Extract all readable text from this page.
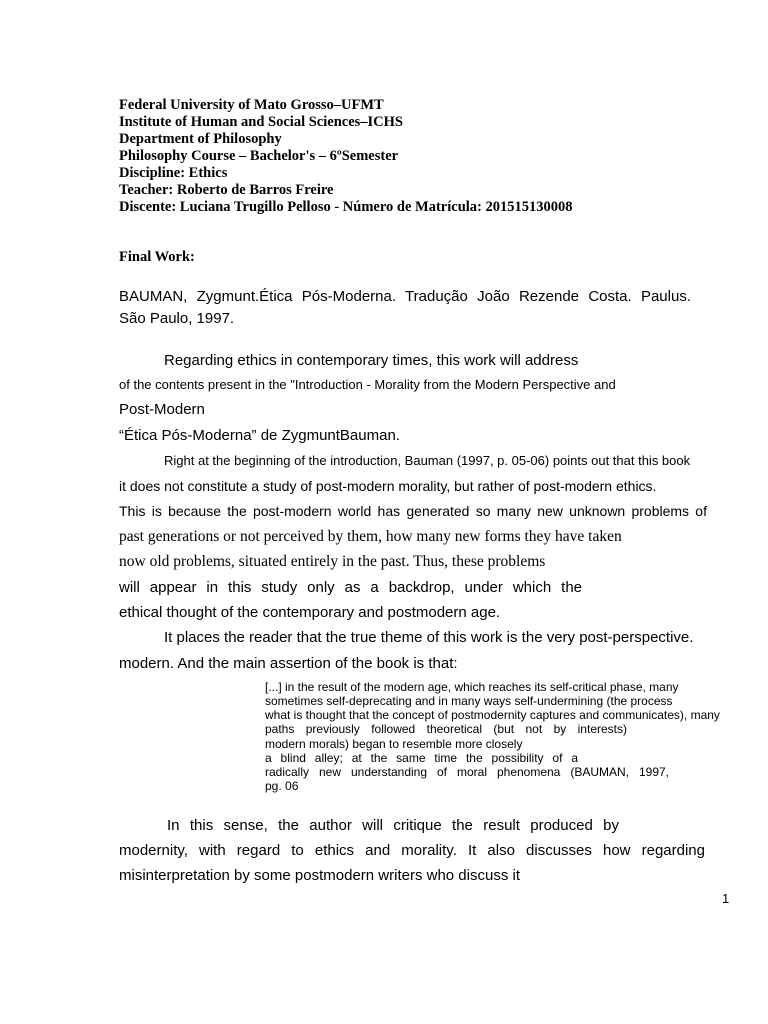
Federal University of Mato Grosso–UFMT

Institute of Human and Social Sciences–ICHS

Department of Philosophy

Philosophy Course – Bachelor's – 6ºSemester

Discipline: Ethics

Teacher: Roberto de Barros Freire

Discente: Luciana Trugillo Pelloso - Número de Matrícula: 201515130008

Final Work:

BAUMAN, Zygmunt.Ética Pós-Moderna. Tradução João Rezende Costa. Paulus.

São Paulo, 1997.

Regarding ethics in contemporary times, this work will address

of the contents present in the "Introduction - Morality from the Modern Perspective and

Post-Modern

“Ética Pós-Moderna” de ZygmuntBauman.

Right at the beginning of the introduction, Bauman (1997, p. 05-06) points out that this book

it does not constitute a study of post-modern morality, but rather of post-modern ethics.

This is because the post-modern world has generated so many new unknown problems of

past generations or not perceived by them, how many new forms they have taken

now old problems, situated entirely in the past. Thus, these problems

will appear in this study only as a backdrop, under which the

ethical thought of the contemporary and postmodern age.

It places the reader that the true theme of this work is the very post-perspective.

modern. And the main assertion of the book is that:

[...] in the result of the modern age, which reaches its self-critical phase, many

sometimes self-deprecating and in many ways self-undermining (the process

what is thought that the concept of postmodernity captures and communicates), many

paths previously followed theoretical (but not by interests)

modern morals) began to resemble more closely

a blind alley; at the same time the possibility of a

radically new understanding of moral phenomena (BAUMAN, 1997,

pg. 06

In this sense, the author will critique the result produced by

modernity, with regard to ethics and morality. It also discusses how regarding

misinterpretation by some postmodern writers who discuss it

1
